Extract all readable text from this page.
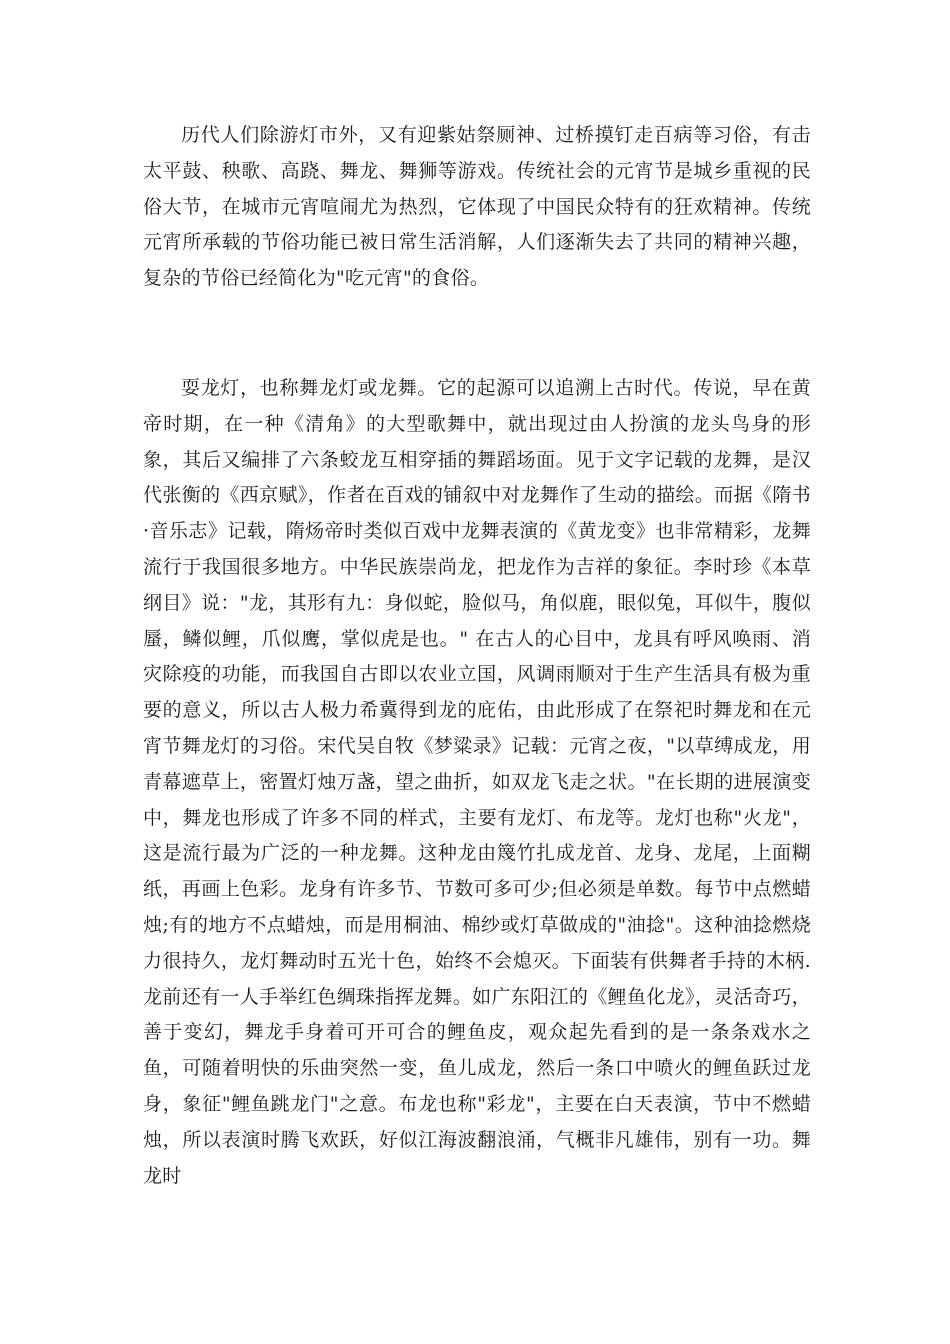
历代人们除游灯市外，又有迎紫姑祭厕神、过桥摸钉走百病等习俗，有击太平鼓、秧歌、高跷、舞龙、舞狮等游戏。传统社会的元宵节是城乡重视的民俗大节，在城市元宵喧闹尤为热烈，它体现了中国民众特有的狂欢精神。传统元宵所承载的节俗功能已被日常生活消解，人们逐渐失去了共同的精神兴趣，复杂的节俗已经简化为"吃元宵"的食俗。

耍龙灯，也称舞龙灯或龙舞。它的起源可以追溯上古时代。传说，早在黄帝时期，在一种《清角》的大型歌舞中，就出现过由人扮演的龙头鸟身的形象，其后又编排了六条蛟龙互相穿插的舞蹈场面。见于文字记载的龙舞，是汉代张衡的《西京赋》，作者在百戏的铺叙中对龙舞作了生动的描绘。而据《隋书·音乐志》记载，隋炀帝时类似百戏中龙舞表演的《黄龙变》也非常精彩，龙舞流行于我国很多地方。中华民族崇尚龙，把龙作为吉祥的象征。李时珍《本草纲目》说："龙，其形有九：身似蛇，脸似马，角似鹿，眼似兔，耳似牛，腹似蜃，鳞似鲤，爪似鹰，掌似虎是也。" 在古人的心目中，龙具有呼风唤雨、消灾除疫的功能，而我国自古即以农业立国，风调雨顺对于生产生活具有极为重要的意义，所以古人极力希冀得到龙的庇佑，由此形成了在祭祀时舞龙和在元宵节舞龙灯的习俗。宋代吴自牧《梦粱录》记载：元宵之夜，"以草缚成龙，用青幕遮草上，密置灯烛万盏，望之曲折，如双龙飞走之状。"在长期的进展演变中，舞龙也形成了许多不同的样式，主要有龙灯、布龙等。龙灯也称"火龙"，这是流行最为广泛的一种龙舞。这种龙由篾竹扎成龙首、龙身、龙尾，上面糊纸，再画上色彩。龙身有许多节、节数可多可少;但必须是单数。每节中点燃蜡烛;有的地方不点蜡烛，而是用桐油、棉纱或灯草做成的"油捻"。这种油捻燃烧力很持久，龙灯舞动时五光十色，始终不会熄灭。下面装有供舞者手持的木柄.龙前还有一人手举红色绸珠指挥龙舞。如广东阳江的《鲤鱼化龙》，灵活奇巧，善于变幻，舞龙手身着可开可合的鲤鱼皮，观众起先看到的是一条条戏水之鱼，可随着明快的乐曲突然一变，鱼儿成龙，然后一条口中喷火的鲤鱼跃过龙身，象征"鲤鱼跳龙门"之意。布龙也称"彩龙"，主要在白天表演，节中不燃蜡烛，所以表演时腾飞欢跃，好似江海波翻浪涌，气概非凡雄伟，别有一功。舞龙时
